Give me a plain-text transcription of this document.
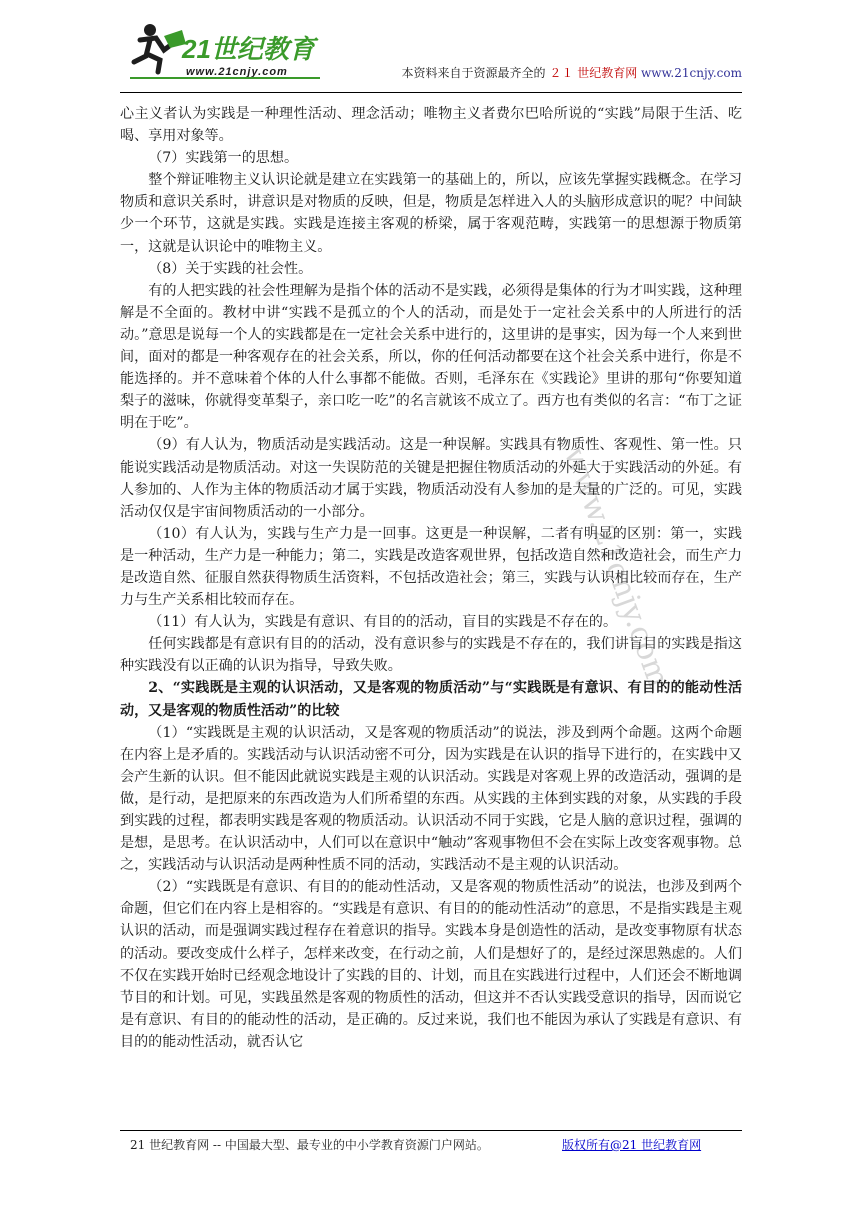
21世纪教育
www.21cnjy.com	本资料来自于资源最齐全的 ２１ 世纪教育网 www.21cnjy.com
www.21cnjy.com

心主义者认为实践是一种理性活动、理念活动；唯物主义者费尔巴哈所说的“实践”局限于生活、吃喝、享用对象等。

（7）实践第一的思想。

整个辩证唯物主义认识论就是建立在实践第一的基础上的，所以，应该先掌握实践概念。在学习物质和意识关系时，讲意识是对物质的反映，但是，物质是怎样进入人的头脑形成意识的呢？中间缺少一个环节，这就是实践。实践是连接主客观的桥梁，属于客观范畴，实践第一的思想源于物质第一，这就是认识论中的唯物主义。

（8）关于实践的社会性。

有的人把实践的社会性理解为是指个体的活动不是实践，必须得是集体的行为才叫实践，这种理解是不全面的。教材中讲“实践不是孤立的个人的活动，而是处于一定社会关系中的人所进行的活动。”意思是说每一个人的实践都是在一定社会关系中进行的，这里讲的是事实，因为每一个人来到世间，面对的都是一种客观存在的社会关系，所以，你的任何活动都要在这个社会关系中进行，你是不能选择的。并不意味着个体的人什么事都不能做。否则，毛泽东在《实践论》里讲的那句“你要知道梨子的滋味，你就得变革梨子，亲口吃一吃”的名言就该不成立了。西方也有类似的名言：“布丁之证明在于吃”。

（9）有人认为，物质活动是实践活动。这是一种误解。实践具有物质性、客观性、第一性。只能说实践活动是物质活动。对这一失误防范的关键是把握住物质活动的外延大于实践活动的外延。有人参加的、人作为主体的物质活动才属于实践，物质活动没有人参加的是大量的广泛的。可见，实践活动仅仅是宇宙间物质活动的一小部分。

（10）有人认为，实践与生产力是一回事。这更是一种误解，二者有明显的区别：第一，实践是一种活动，生产力是一种能力；第二，实践是改造客观世界，包括改造自然和改造社会，而生产力是改造自然、征服自然获得物质生活资料，不包括改造社会；第三，实践与认识相比较而存在，生产力与生产关系相比较而存在。

（11）有人认为，实践是有意识、有目的的活动，盲目的实践是不存在的。

任何实践都是有意识有目的的活动，没有意识参与的实践是不存在的，我们讲盲目的实践是指这种实践没有以正确的认识为指导，导致失败。

2、“实践既是主观的认识活动，又是客观的物质活动”与“实践既是有意识、有目的的能动性活动，又是客观的物质性活动”的比较

（1）“实践既是主观的认识活动，又是客观的物质活动”的说法，涉及到两个命题。这两个命题在内容上是矛盾的。实践活动与认识活动密不可分，因为实践是在认识的指导下进行的，在实践中又会产生新的认识。但不能因此就说实践是主观的认识活动。实践是对客观上界的改造活动，强调的是做，是行动，是把原来的东西改造为人们所希望的东西。从实践的主体到实践的对象，从实践的手段到实践的过程，都表明实践是客观的物质活动。认识活动不同于实践，它是人脑的意识过程，强调的是想，是思考。在认识活动中，人们可以在意识中“触动”客观事物但不会在实际上改变客观事物。总之，实践活动与认识活动是两种性质不同的活动，实践活动不是主观的认识活动。

（2）“实践既是有意识、有目的的能动性活动，又是客观的物质性活动”的说法，也涉及到两个命题，但它们在内容上是相容的。“实践是有意识、有目的的能动性活动”的意思，不是指实践是主观认识的活动，而是强调实践过程存在着意识的指导。实践本身是创造性的活动，是改变事物原有状态的活动。要改变成什么样子，怎样来改变，在行动之前，人们是想好了的，是经过深思熟虑的。人们不仅在实践开始时已经观念地设计了实践的目的、计划，而且在实践进行过程中，人们还会不断地调节目的和计划。可见，实践虽然是客观的物质性的活动，但这并不否认实践受意识的指导，因而说它是有意识、有目的的能动性的活动，是正确的。反过来说，我们也不能因为承认了实践是有意识、有目的的能动性活动，就否认它

21 世纪教育网 -- 中国最大型、最专业的中小学教育资源门户网站。	版权所有@21 世纪教育网
